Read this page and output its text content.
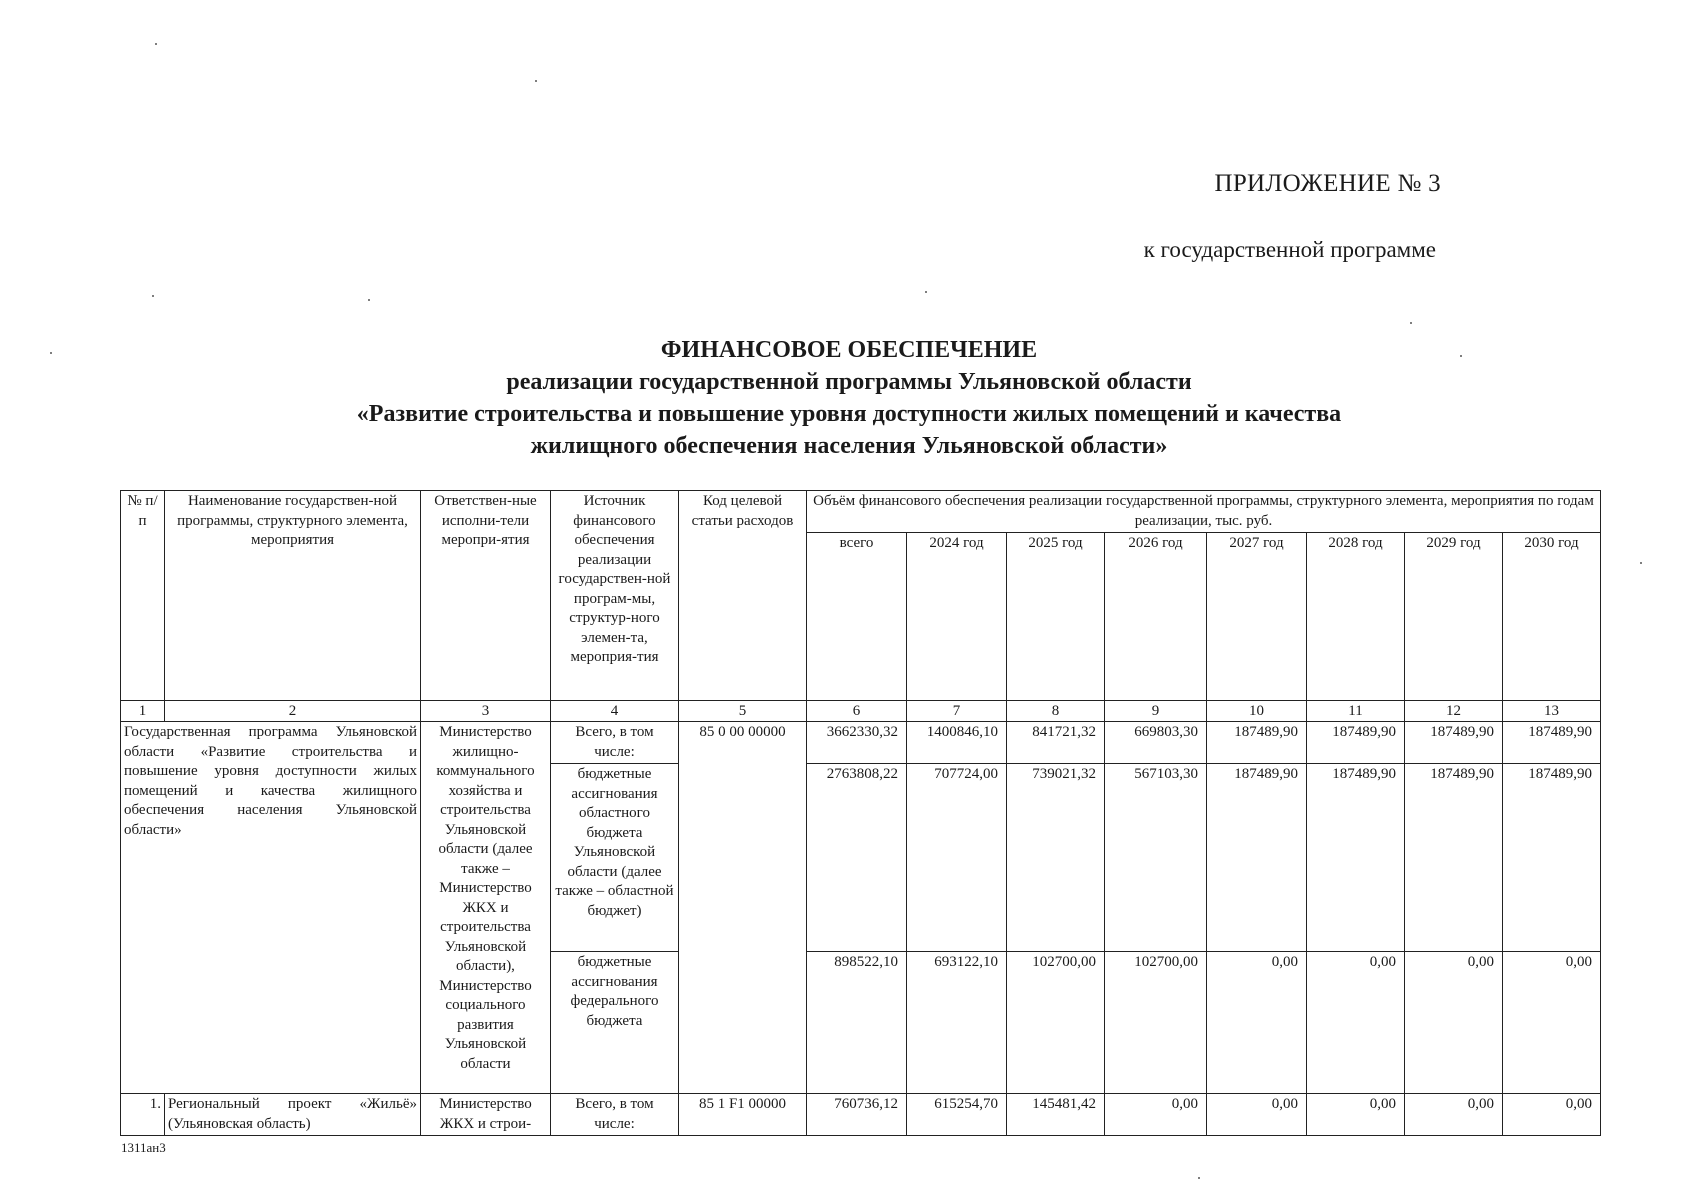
ПРИЛОЖЕНИЕ № 3
к государственной программе
ФИНАНСОВОЕ ОБЕСПЕЧЕНИЕ
реализации государственной программы Ульяновской области
«Развитие строительства и повышение уровня доступности жилых помещений и качества
жилищного обеспечения населения Ульяновской области»
№ п/п	Наименование государствен-ной программы, структурного элемента, мероприятия	Ответствен-ные исполни-тели меропри-ятия	Источник финансового обеспечения реализации государствен-ной програм-мы, структур-ного элемен-та, мероприя-тия	Код целевой статьи расходов	Объём финансового обеспечения реализации государственной программы, структурного элемента, мероприятия по годам реализации, тыс. руб.							
					всего	2024 год	2025 год	2026 год	2027 год	2028 год	2029 год	2030 год
1	2	3	4	5	6	7	8	9	10	11	12	13
Государственная программа Ульяновской области «Развитие строительства и повышение уровня доступности жилых помещений и качества жилищного обеспечения населения Ульяновской области»		Министерство жилищно-коммунального хозяйства и строительства Ульяновской области (далее также – Министерство ЖКХ и строительства Ульяновской области), Министерство социального развития Ульяновской области	Всего, в том числе:	85 0 00 00000	3662330,32	1400846,10	841721,32	669803,30	187489,90	187489,90	187489,90	187489,90
			бюджетные ассигнования областного бюджета Ульяновской области (далее также – областной бюджет)		2763808,22	707724,00	739021,32	567103,30	187489,90	187489,90	187489,90	187489,90
			бюджетные ассигнования федерального бюджета		898522,10	693122,10	102700,00	102700,00	0,00	0,00	0,00	0,00
1.	Региональный проект «Жильё» (Ульяновская область)	Министерство ЖКХ и строи-	Всего, в том числе:	85 1 F1 00000	760736,12	615254,70	145481,42	0,00	0,00	0,00	0,00	0,00
1311ан3
